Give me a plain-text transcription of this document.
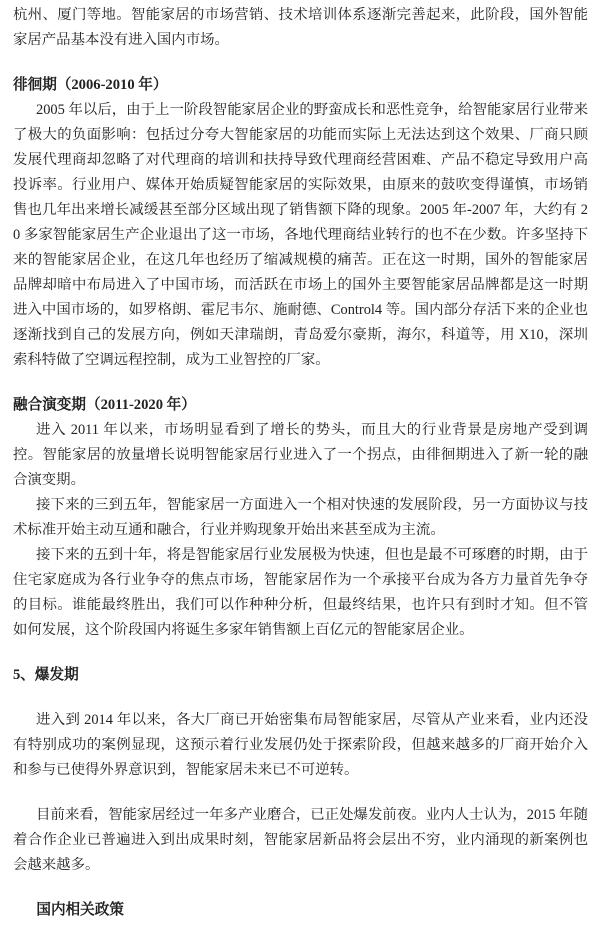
杭州、厦门等地。智能家居的市场营销、技术培训体系逐渐完善起来，此阶段，国外智能家居产品基本没有进入国内市场。

徘徊期（2006-2010 年）

2005 年以后，由于上一阶段智能家居企业的野蛮成长和恶性竞争，给智能家居行业带来了极大的负面影响：包括过分夸大智能家居的功能而实际上无法达到这个效果、厂商只顾发展代理商却忽略了对代理商的培训和扶持导致代理商经营困难、产品不稳定导致用户高投诉率。行业用户、媒体开始质疑智能家居的实际效果，由原来的鼓吹变得谨慎，市场销售也几年出来增长减缓甚至部分区域出现了销售额下降的现象。2005 年-2007 年，大约有 20 多家智能家居生产企业退出了这一市场，各地代理商结业转行的也不在少数。许多坚持下来的智能家居企业，在这几年也经历了缩减规模的痛苦。正在这一时期，国外的智能家居品牌却暗中布局进入了中国市场，而活跃在市场上的国外主要智能家居品牌都是这一时期进入中国市场的，如罗格朗、霍尼韦尔、施耐德、Control4 等。国内部分存活下来的企业也逐渐找到自己的发展方向，例如天津瑞朗，青岛爱尔豪斯，海尔，科道等，用 X10，深圳索科特做了空调远程控制，成为工业智控的厂家。

融合演变期（2011-2020 年）

进入 2011 年以来，市场明显看到了增长的势头，而且大的行业背景是房地产受到调控。智能家居的放量增长说明智能家居行业进入了一个拐点，由徘徊期进入了新一轮的融合演变期。

接下来的三到五年，智能家居一方面进入一个相对快速的发展阶段，另一方面协议与技术标准开始主动互通和融合，行业并购现象开始出来甚至成为主流。

接下来的五到十年，将是智能家居行业发展极为快速，但也是最不可琢磨的时期，由于住宅家庭成为各行业争夺的焦点市场，智能家居作为一个承接平台成为各方力量首先争夺的目标。谁能最终胜出，我们可以作种种分析，但最终结果，也许只有到时才知。但不管如何发展，这个阶段国内将诞生多家年销售额上百亿元的智能家居企业。

5、爆发期

进入到 2014 年以来，各大厂商已开始密集布局智能家居，尽管从产业来看，业内还没有特别成功的案例显现，这预示着行业发展仍处于探索阶段，但越来越多的厂商开始介入和参与已使得外界意识到，智能家居未来已不可逆转。

目前来看，智能家居经过一年多产业磨合，已正处爆发前夜。业内人士认为，2015 年随着合作企业已普遍进入到出成果时刻，智能家居新品将会层出不穷，业内涌现的新案例也会越来越多。

国内相关政策
